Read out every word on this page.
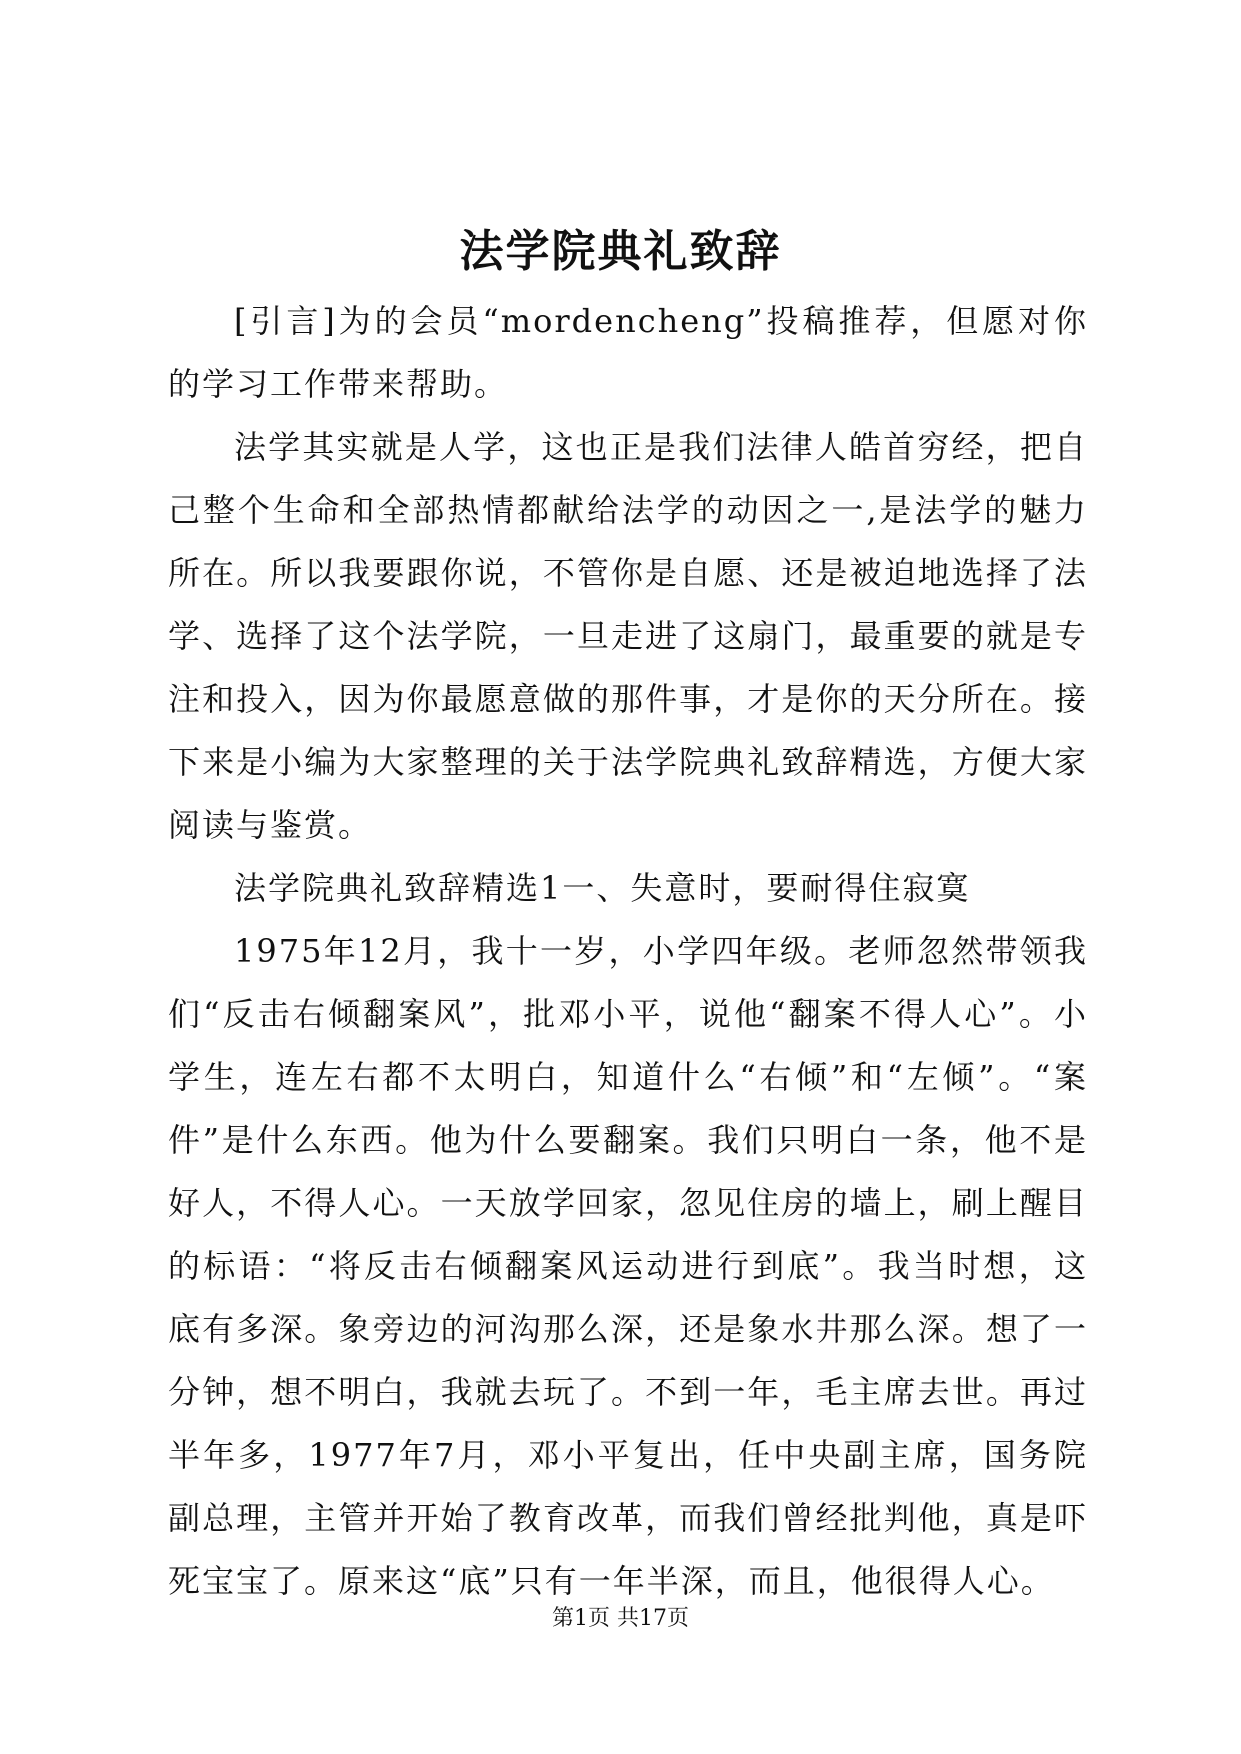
法学院典礼致辞

[引言]为的会员“mordencheng”投稿推荐，但愿对你的学习工作带来帮助。

法学其实就是人学，这也正是我们法律人皓首穷经，把自己整个生命和全部热情都献给法学的动因之一,是法学的魅力所在。所以我要跟你说，不管你是自愿、还是被迫地选择了法学、选择了这个法学院，一旦走进了这扇门，最重要的就是专注和投入，因为你最愿意做的那件事，才是你的天分所在。接下来是小编为大家整理的关于法学院典礼致辞精选，方便大家阅读与鉴赏。

法学院典礼致辞精选1一、失意时，要耐得住寂寞

1975年12月，我十一岁，小学四年级。老师忽然带领我们“反击右倾翻案风”，批邓小平，说他“翻案不得人心”。小学生，连左右都不太明白，知道什么“右倾”和“左倾”。“案件”是什么东西。他为什么要翻案。我们只明白一条，他不是好人，不得人心。一天放学回家，忽见住房的墙上，刷上醒目的标语：“将反击右倾翻案风运动进行到底”。我当时想，这底有多深。象旁边的河沟那么深，还是象水井那么深。想了一分钟，想不明白，我就去玩了。不到一年，毛主席去世。再过半年多，1977年7月，邓小平复出，任中央副主席，国务院副总理，主管并开始了教育改革，而我们曾经批判他，真是吓死宝宝了。原来这“底”只有一年半深，而且，他很得人心。

第1页 共17页
